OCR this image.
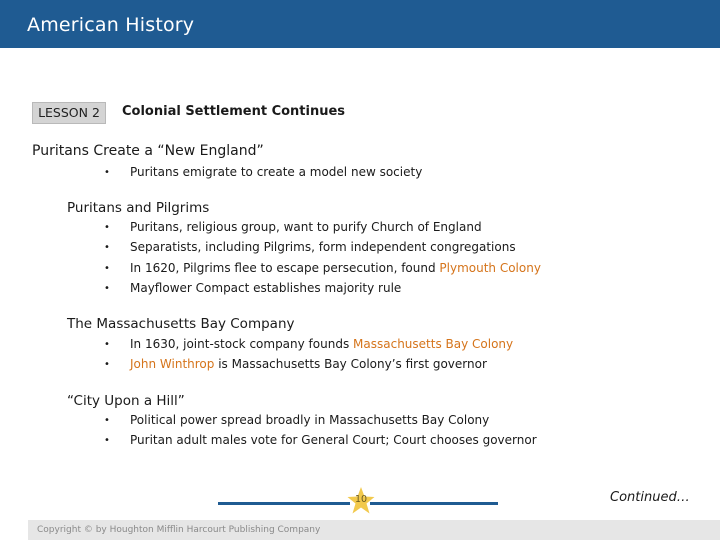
American History
LESSON 2	Colonial Settlement Continues
Puritans Create a “New England”
• Puritans emigrate to create a model new society
Puritans and Pilgrims
• Puritans, religious group, want to purify Church of England
• Separatists, including Pilgrims, form independent congregations
• In 1620, Pilgrims flee to escape persecution, found Plymouth Colony
• Mayflower Compact establishes majority rule
The Massachusetts Bay Company
• In 1630, joint-stock company founds Massachusetts Bay Colony
• John Winthrop is Massachusetts Bay Colony’s first governor
“City Upon a Hill”
• Political power spread broadly in Massachusetts Bay Colony
• Puritan adult males vote for General Court; Court chooses governor
10	Continued…
Copyright © by Houghton Mifflin Harcourt Publishing Company
